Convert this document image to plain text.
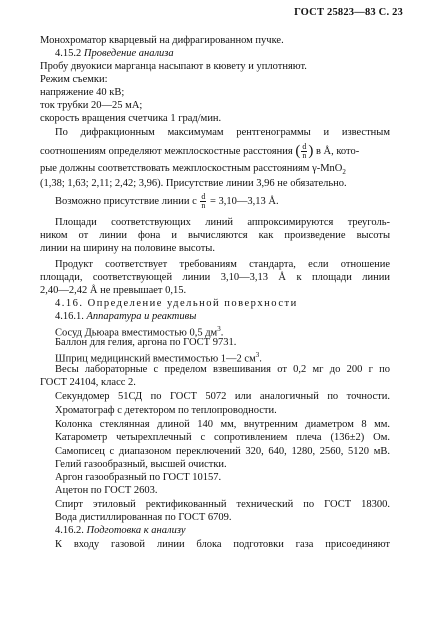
ГОСТ 25823—83 С. 23
Монохроматор кварцевый на дифрагированном пучке.
4.15.2 Проведение анализа
Пробу двуокиси марганца насыпают в кювету и уплотняют.
Режим съемки:
напряжение 40 кВ;
ток трубки 20—25 мА;
скорость вращения счетчика 1 град/мин.
По дифракционным максимумам рентгенограммы и известным
соотношениям определяют межплоскостные расстояния ( $\frac{d}{n}$ ) в Å, кото-
рые должны соответствовать межплоскостным расстояниям γ-MnO$_2$
(1,38; 1,63; 2,11; 2,42; 3,96). Присутствие линии 3,96 не обязательно.
Возможно присутствие линии с $\frac{d}{n}$ = 3,10—3,13 Å.
Площади соответствующих линий аппроксимируются треуголь-
ником от линии фона и вычисляются как произведение высоты
линии на ширину на половине высоты.
Продукт соответствует требованиям стандарта, если отношение
площади, соответствующей линии 3,10—3,13 Å к площади линии
2,40—2,42 Å не превышает 0,15.
4.16. Определение удельной поверхности
4.16.1. Аппаратура и реактивы
Сосуд Дьюара вместимостью 0,5 $дм^3$.
Баллон для гелия, аргона по ГОСТ 9731.
Шприц медицинский вместимостью 1—2 $см^3$.
Весы лабораторные с пределом взвешивания от 0,2 мг до 200 г по
ГОСТ 24104, класс 2.
Секундомер 51СД по ГОСТ 5072 или аналогичный по точности.
Хроматограф с детектором по теплопроводности.
Колонка стеклянная длиной 140 мм, внутренним диаметром 8 мм.
Катарометр четырехплечный с сопротивлением плеча (136±2) Ом.
Самописец с диапазоном переключений 320, 640, 1280, 2560, 5120 мВ.
Гелий газообразный, высшей очистки.
Аргон газообразный по ГОСТ 10157.
Ацетон по ГОСТ 2603.
Спирт этиловый ректификованный технический по ГОСТ 18300.
Вода дистиллированная по ГОСТ 6709.
4.16.2. Подготовка к анализу
К входу газовой линии блока подготовки газа присоединяют
